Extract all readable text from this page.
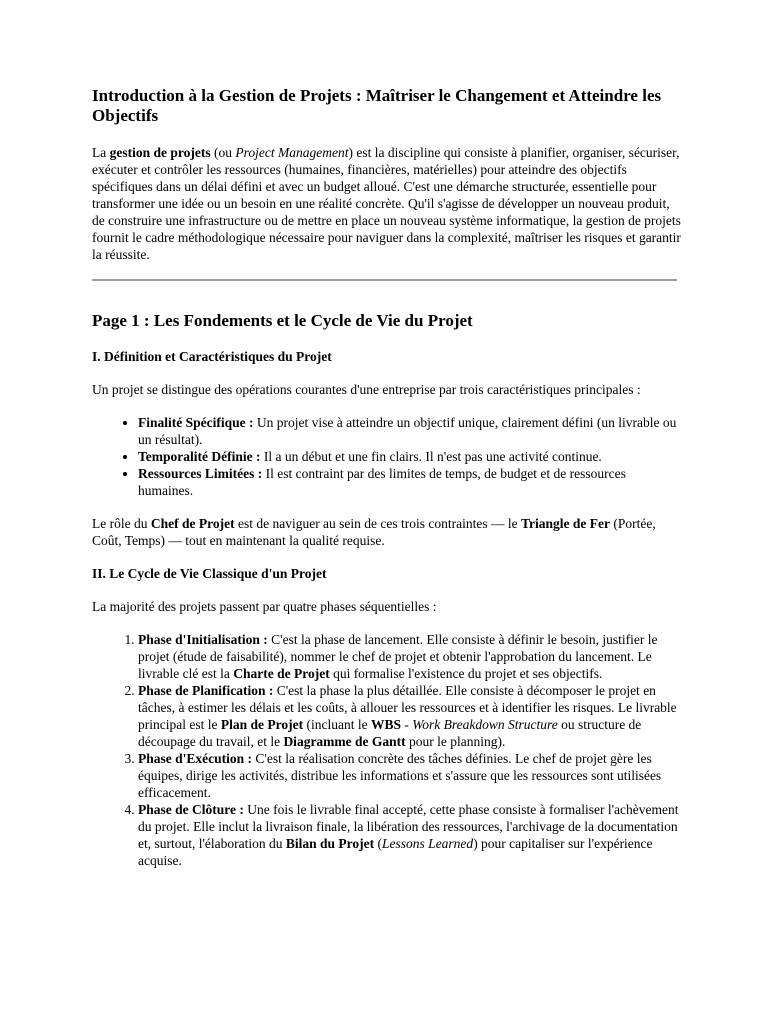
Introduction à la Gestion de Projets : Maîtriser le Changement et Atteindre les Objectifs

La gestion de projets (ou Project Management) est la discipline qui consiste à planifier, organiser, sécuriser, exécuter et contrôler les ressources (humaines, financières, matérielles) pour atteindre des objectifs spécifiques dans un délai défini et avec un budget alloué. C'est une démarche structurée, essentielle pour transformer une idée ou un besoin en une réalité concrète. Qu'il s'agisse de développer un nouveau produit, de construire une infrastructure ou de mettre en place un nouveau système informatique, la gestion de projets fournit le cadre méthodologique nécessaire pour naviguer dans la complexité, maîtriser les risques et garantir la réussite.

Page 1 : Les Fondements et le Cycle de Vie du Projet
I. Définition et Caractéristiques du Projet

Un projet se distingue des opérations courantes d'une entreprise par trois caractéristiques principales :

• Finalité Spécifique : Un projet vise à atteindre un objectif unique, clairement défini (un livrable ou un résultat).
• Temporalité Définie : Il a un début et une fin clairs. Il n'est pas une activité continue.
• Ressources Limitées : Il est contraint par des limites de temps, de budget et de ressources humaines.

Le rôle du Chef de Projet est de naviguer au sein de ces trois contraintes — le Triangle de Fer (Portée, Coût, Temps) — tout en maintenant la qualité requise.

II. Le Cycle de Vie Classique d'un Projet

La majorité des projets passent par quatre phases séquentielles :

1. Phase d'Initialisation : C'est la phase de lancement. Elle consiste à définir le besoin, justifier le projet (étude de faisabilité), nommer le chef de projet et obtenir l'approbation du lancement. Le livrable clé est la Charte de Projet qui formalise l'existence du projet et ses objectifs.
2. Phase de Planification : C'est la phase la plus détaillée. Elle consiste à décomposer le projet en tâches, à estimer les délais et les coûts, à allouer les ressources et à identifier les risques. Le livrable principal est le Plan de Projet (incluant le WBS - Work Breakdown Structure ou structure de découpage du travail, et le Diagramme de Gantt pour le planning).
3. Phase d'Exécution : C'est la réalisation concrète des tâches définies. Le chef de projet gère les équipes, dirige les activités, distribue les informations et s'assure que les ressources sont utilisées efficacement.
4. Phase de Clôture : Une fois le livrable final accepté, cette phase consiste à formaliser l'achèvement du projet. Elle inclut la livraison finale, la libération des ressources, l'archivage de la documentation et, surtout, l'élaboration du Bilan du Projet (Lessons Learned) pour capitaliser sur l'expérience acquise.
